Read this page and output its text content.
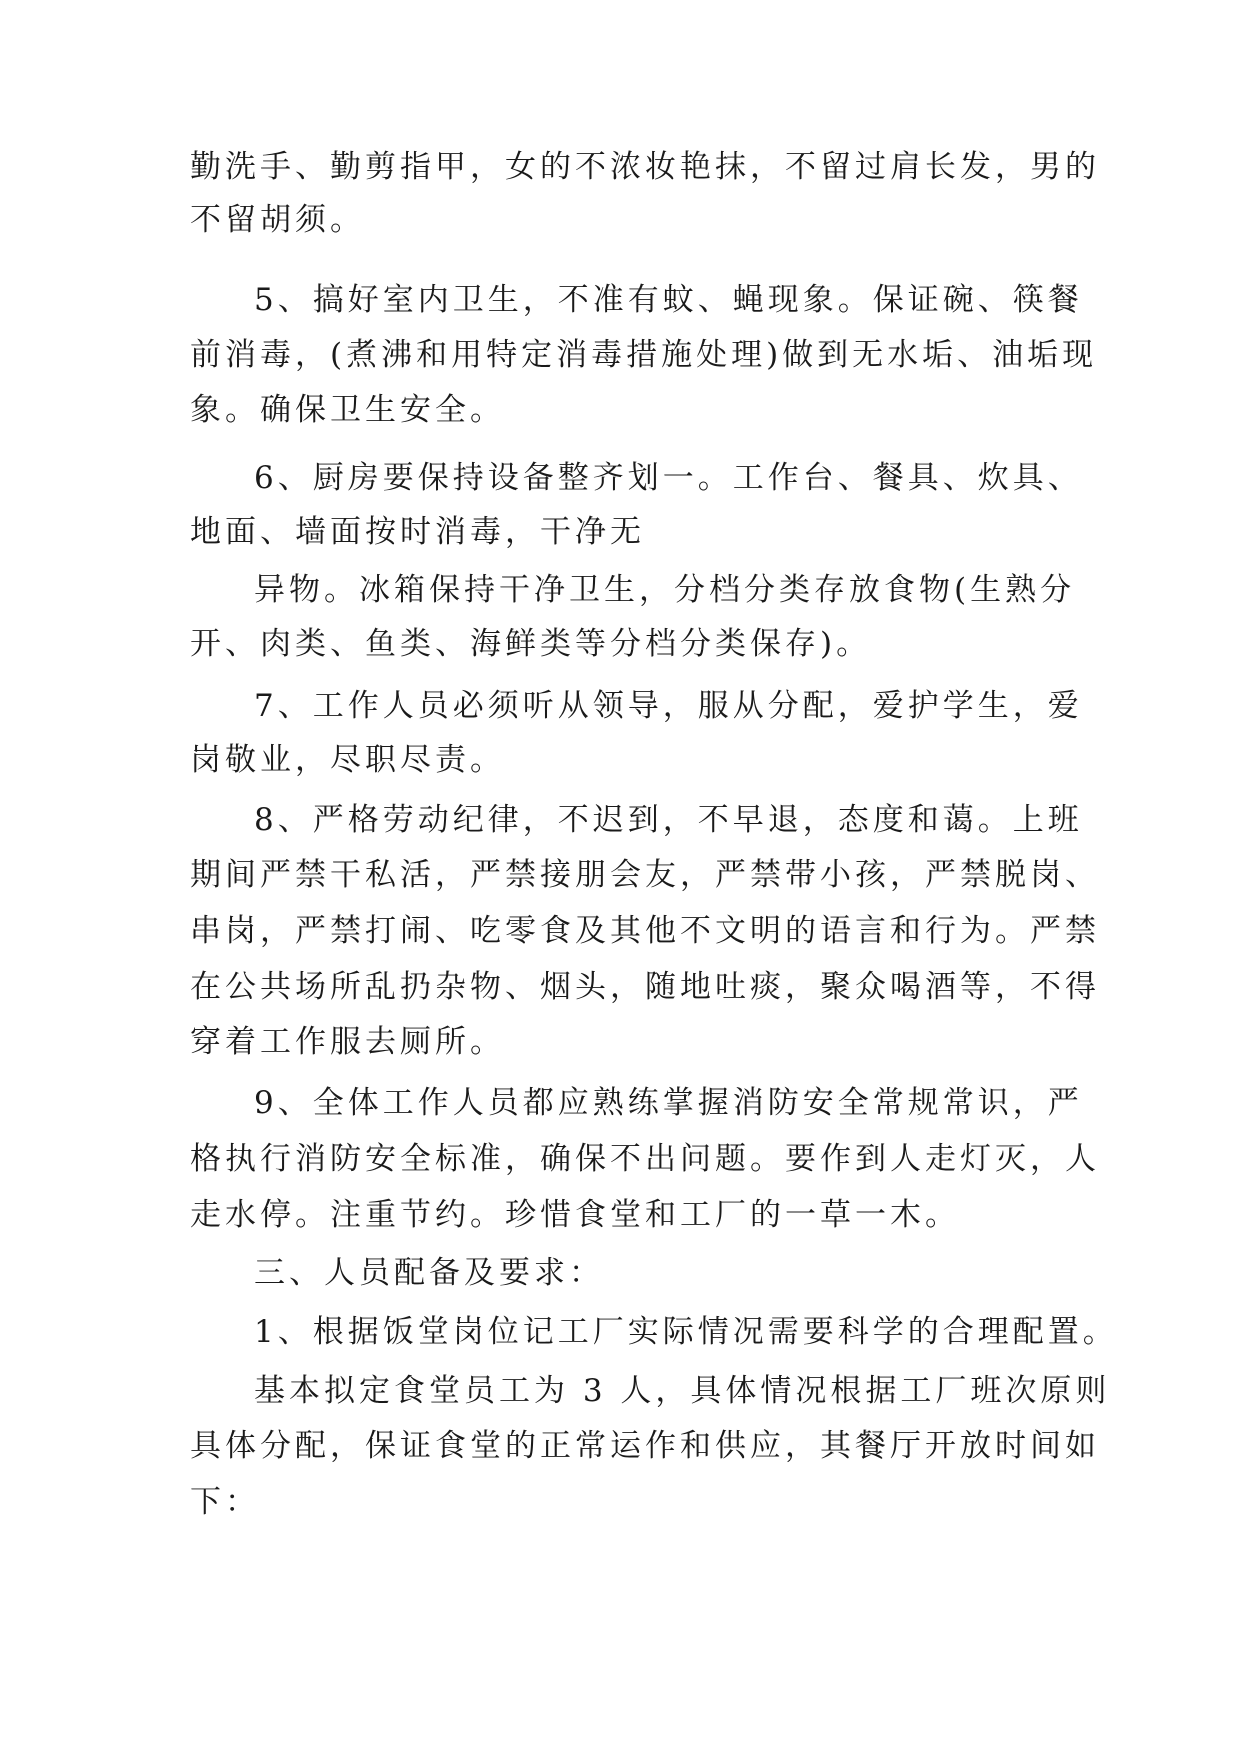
勤洗手、勤剪指甲，女的不浓妆艳抹，不留过肩长发，男的
不留胡须。
5、搞好室内卫生，不准有蚊、蝇现象。保证碗、筷餐
前消毒，(煮沸和用特定消毒措施处理)做到无水垢、油垢现
象。确保卫生安全。
6、厨房要保持设备整齐划一。工作台、餐具、炊具、
地面、墙面按时消毒，干净无
异物。冰箱保持干净卫生，分档分类存放食物(生熟分
开、肉类、鱼类、海鲜类等分档分类保存)。
7、工作人员必须听从领导，服从分配，爱护学生，爱
岗敬业，尽职尽责。
8、严格劳动纪律，不迟到，不早退，态度和蔼。上班
期间严禁干私活，严禁接朋会友，严禁带小孩，严禁脱岗、
串岗，严禁打闹、吃零食及其他不文明的语言和行为。严禁
在公共场所乱扔杂物、烟头，随地吐痰，聚众喝酒等，不得
穿着工作服去厕所。
9、全体工作人员都应熟练掌握消防安全常规常识，严
格执行消防安全标准，确保不出问题。要作到人走灯灭，人
走水停。注重节约。珍惜食堂和工厂的一草一木。
三、人员配备及要求：
1、根据饭堂岗位记工厂实际情况需要科学的合理配置。
基本拟定食堂员工为 3 人，具体情况根据工厂班次原则
具体分配，保证食堂的正常运作和供应，其餐厅开放时间如
下：
